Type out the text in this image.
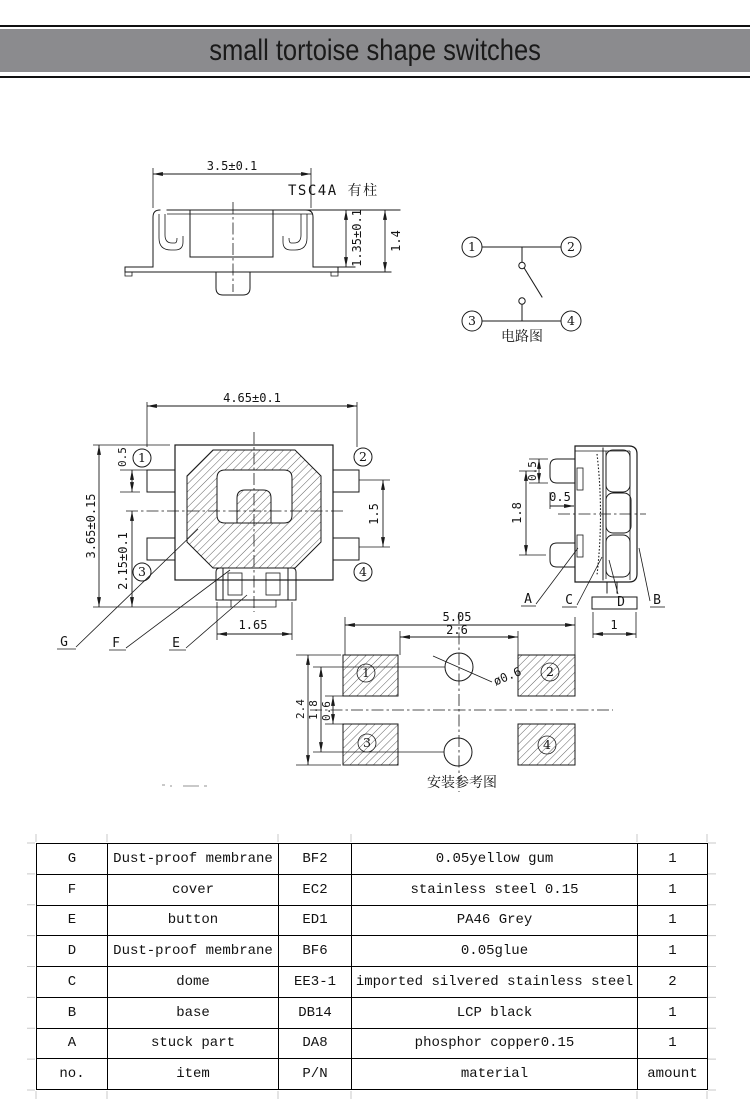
small tortoise shape switches
3.5±0.1
TSC4A 有柱
1.35±0.1 1.4	1	2
3	4
电路图
4.65±0.1
1	2
3	4
0.5
3.65±0.15
2.15±0.1
1.5
1.65
G	F	E
0.5
0.5
1.8
1
A	C	D B
5.05
2.6
1	2
3	4
2.4 1.8 0.6
ø0.6
安装参考图
G	Dust-proof membrane	BF2	0.05yellow gum	1
F	cover	EC2	stainless steel 0.15	1
E	button	ED1	PA46 Grey	1
D	Dust-proof membrane	BF6	0.05glue	1
C	dome	EE3-1	imported silvered stainless steel	2
B	base	DB14	LCP black	1
A	stuck part	DA8	phosphor copper0.15	1
no.	item	P/N	material	amount
